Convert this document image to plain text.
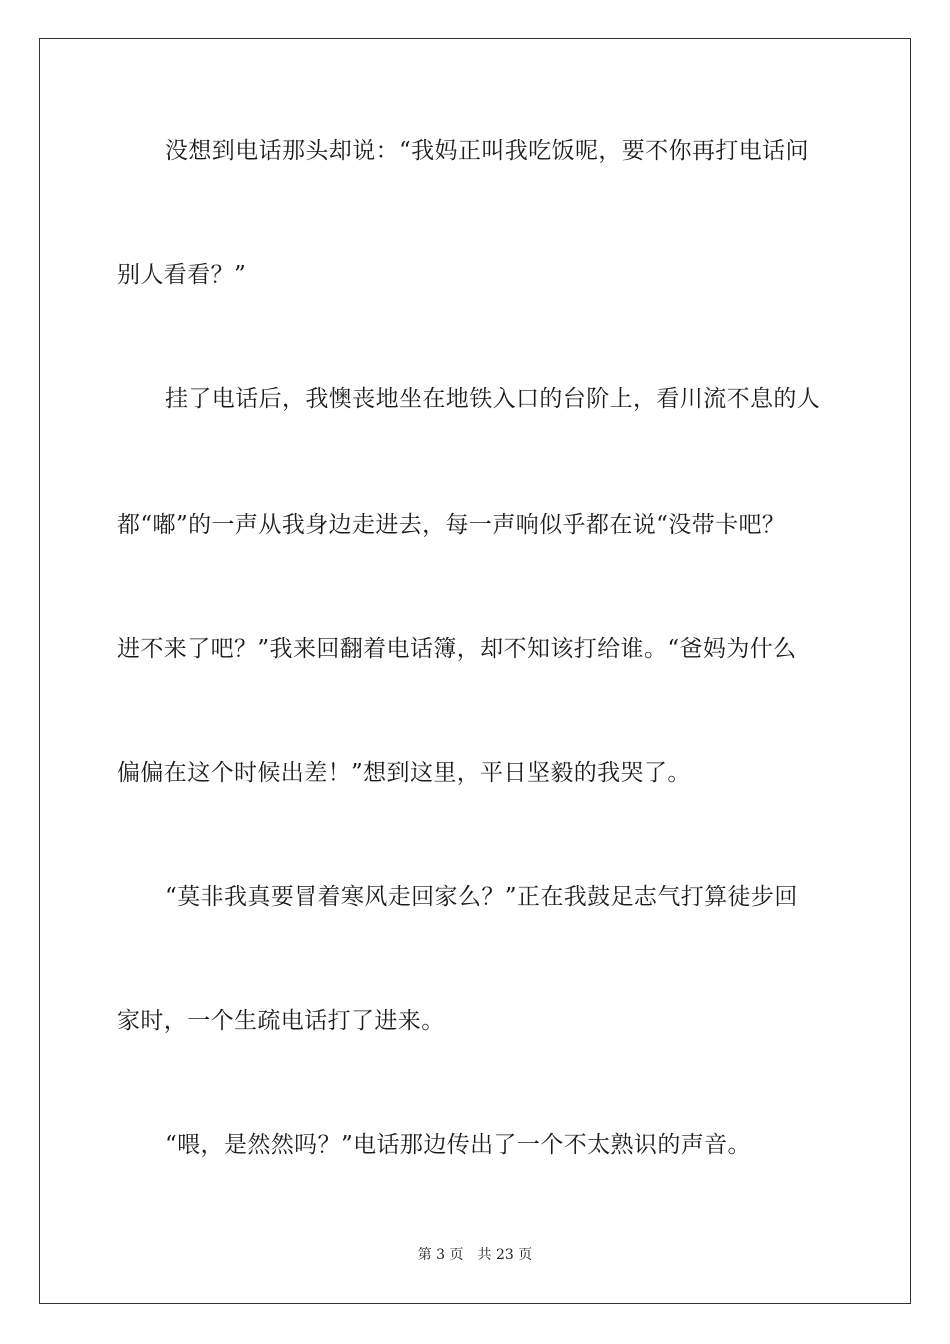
没想到电话那头却说：“我妈正叫我吃饭呢，要不你再打电话问
别人看看？”
挂了电话后，我懊丧地坐在地铁入口的台阶上，看川流不息的人
都“嘟”的一声从我身边走进去，每一声响似乎都在说“没带卡吧？
进不来了吧？”我来回翻着电话簿，却不知该打给谁。“爸妈为什么
偏偏在这个时候出差！”想到这里，平日坚毅的我哭了。
“莫非我真要冒着寒风走回家么？”正在我鼓足志气打算徒步回
家时，一个生疏电话打了进来。
“喂，是然然吗？”电话那边传出了一个不太熟识的声音。
第 3 页 共 23 页
